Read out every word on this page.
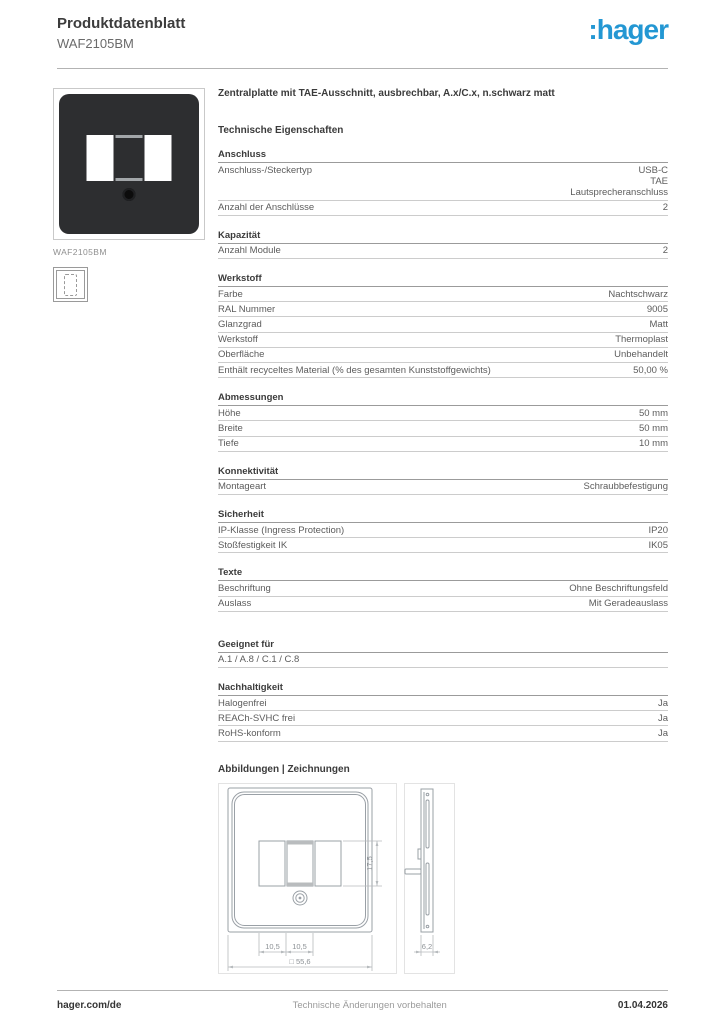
Produktdatenblatt
WAF2105BM	:hager
WAF2105BM
Zentralplatte mit TAE-Ausschnitt, ausbrechbar, A.x/C.x, n.schwarz matt
Technische Eigenschaften
Anschluss
Anschluss-/Steckertyp	USB-C
TAE
Lautsprecheranschluss
Anzahl der Anschlüsse	2
Kapazität
Anzahl Module	2
Werkstoff
Farbe	Nachtschwarz
RAL Nummer	9005
Glanzgrad	Matt
Werkstoff	Thermoplast
Oberfläche	Unbehandelt
Enthält recyceltes Material (% des gesamten Kunststoffgewichts)	50,00 %
Abmessungen
Höhe	50 mm
Breite	50 mm
Tiefe	10 mm
Konnektivität
Montageart	Schraubbefestigung
Sicherheit
IP-Klasse (Ingress Protection)	IP20
Stoßfestigkeit IK	IK05
Texte
Beschriftung	Ohne Beschriftungsfeld
Auslass	Mit Geradeauslass
Geeignet für
A.1 / A.8 / C.1 / C.8
Nachhaltigkeit
Halogenfrei	Ja
REACh-SVHC frei	Ja
RoHS-konform	Ja
Abbildungen | Zeichnungen
17,5
10,5 10,5
□ 55,6
6,2
hager.com/de	Technische Änderungen vorbehalten	01.04.2026
